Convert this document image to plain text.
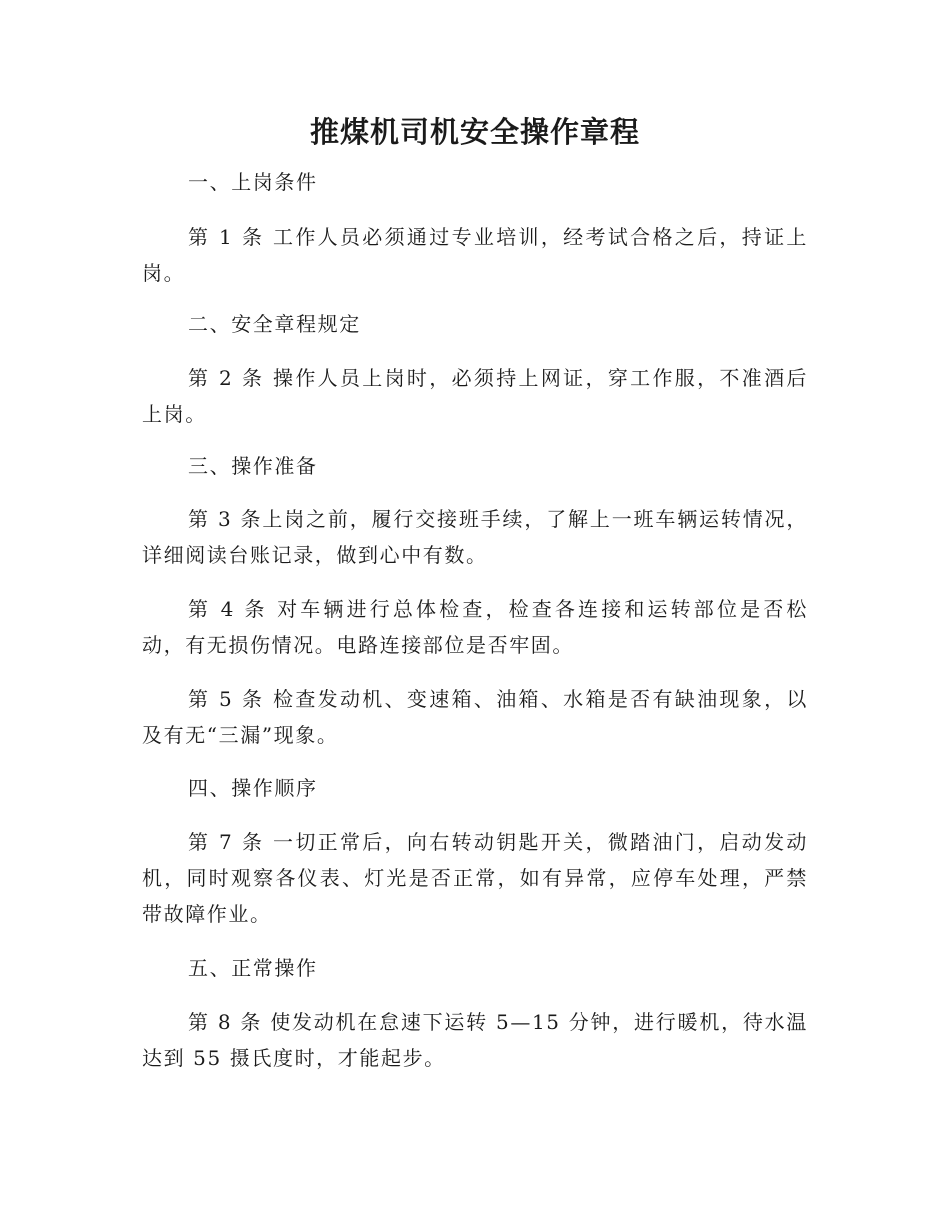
推煤机司机安全操作章程
一、上岗条件
第 1 条 工作人员必须通过专业培训，经考试合格之后，持证上岗。
二、安全章程规定
第 2 条 操作人员上岗时，必须持上网证，穿工作服，不准酒后上岗。
三、操作准备
第 3 条上岗之前，履行交接班手续，了解上一班车辆运转情况，详细阅读台账记录，做到心中有数。
第 4 条 对车辆进行总体检查，检查各连接和运转部位是否松动，有无损伤情况。电路连接部位是否牢固。
第 5 条 检查发动机、变速箱、油箱、水箱是否有缺油现象，以及有无“三漏”现象。
四、操作顺序
第 7 条 一切正常后，向右转动钥匙开关，微踏油门，启动发动机，同时观察各仪表、灯光是否正常，如有异常，应停车处理，严禁带故障作业。
五、正常操作
第 8 条 使发动机在怠速下运转 5—15 分钟，进行暖机，待水温达到 55 摄氏度时，才能起步。
